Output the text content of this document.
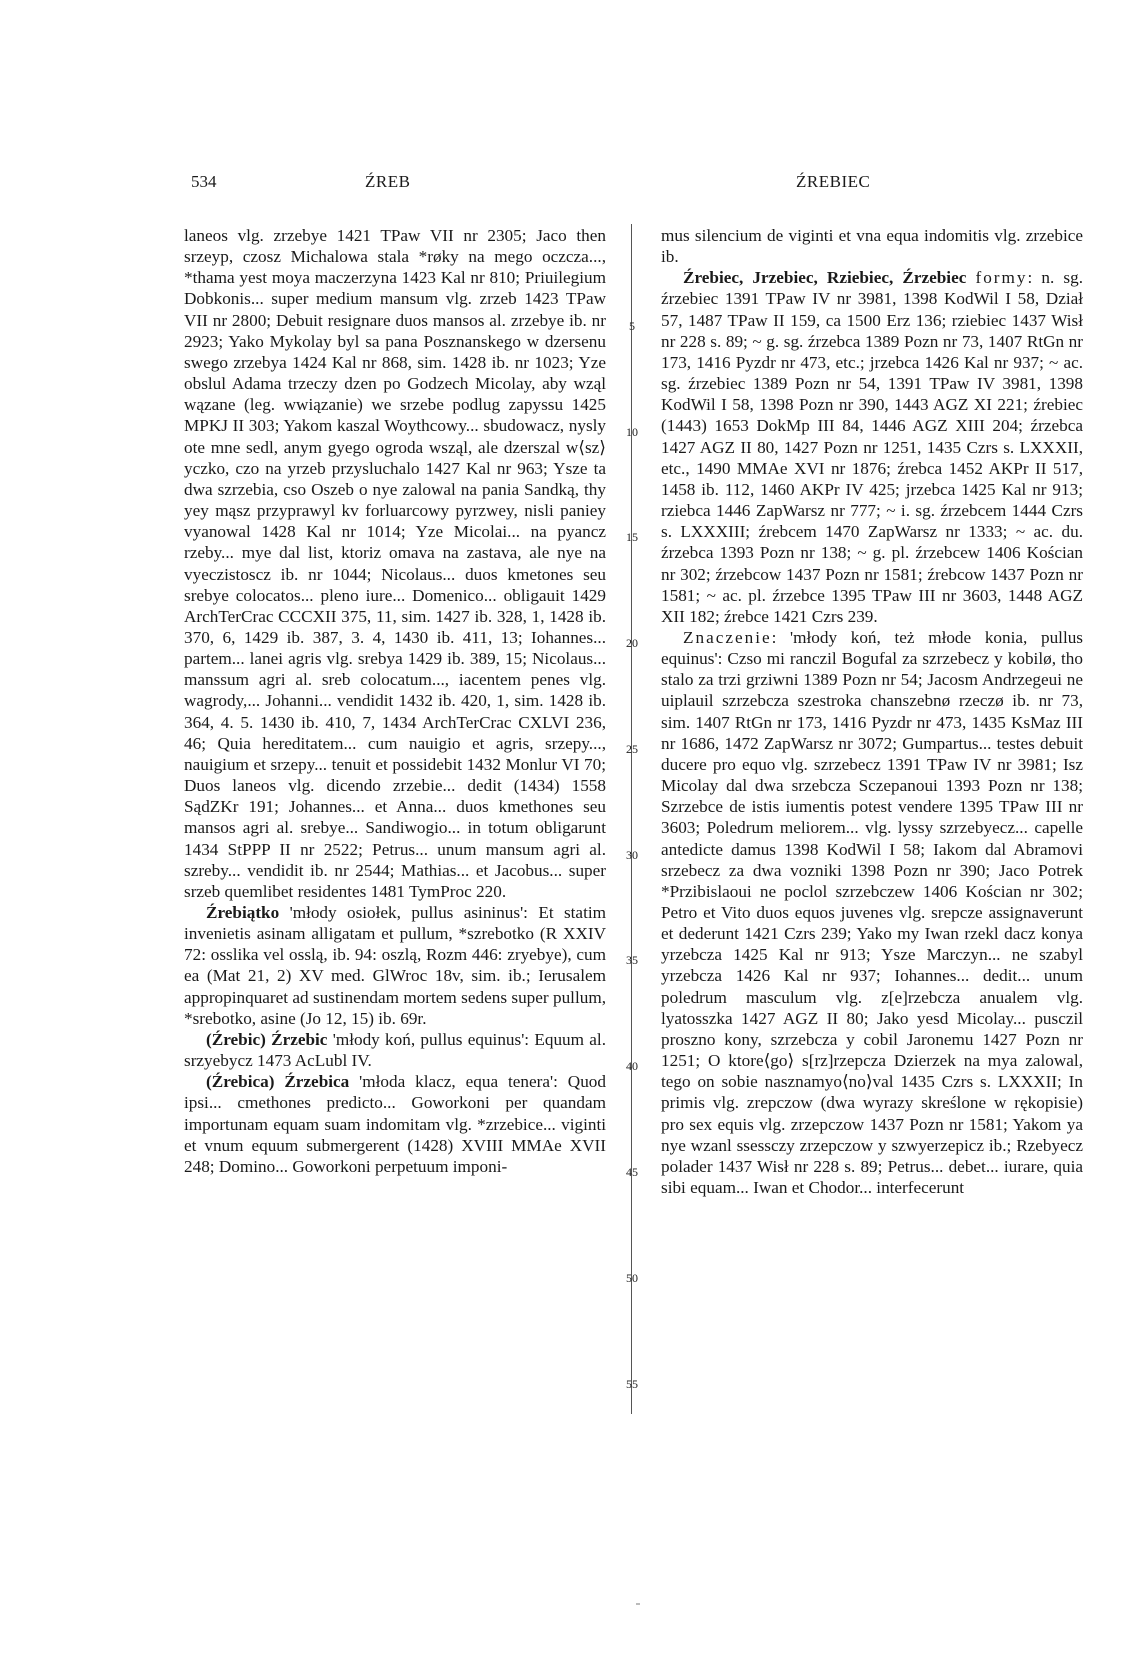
534	ŹREB	ŹREBIEC

laneos vlg. zrzebye 1421 TPaw VII nr 2305; Jaco then srzeyp, czosz Michalowa stala *røky na mego oczcza..., *thama yest moya maczerzyna 1423 Kal nr 810; Priuilegium Dobkonis... super medium mansum vlg. zrzeb 1423 TPaw VII nr 2800; Debuit resignare duos mansos al. zrzebye ib. nr 2923; Yako Mykolay byl sa pana Posznanskego w dzersenu swego zrzebya 1424 Kal nr 868, sim. 1428 ib. nr 1023; Yze obslul Adama trzeczy dzen po Godzech Micolay, aby wząl wązane (leg. wwiązanie) we srzebe podlug zapyssu 1425 MPKJ II 303; Yakom kaszal Woythcowy... sbudowacz, nysly ote mne sedl, anym gyego ogroda wsząl, ale dzerszal w⟨sz⟩yczko, czo na yrzeb przysluchalo 1427 Kal nr 963; Ysze ta dwa szrzebia, cso Oszeb o nye zalowal na pania Sandką, thy yey mąsz przyprawyl kv forluarcowy pyrzwey, nisli paniey vyanowal 1428 Kal nr 1014; Yze Micolai... na pyancz rzeby... mye dal list, ktoriz omava na zastava, ale nye na vyeczistoscz ib. nr 1044; Nicolaus... duos kmetones seu srebye colocatos... pleno iure... Domenico... obligauit 1429 ArchTerCrac CCCXII 375, 11, sim. 1427 ib. 328, 1, 1428 ib. 370, 6, 1429 ib. 387, 3. 4, 1430 ib. 411, 13; Iohannes... partem... lanei agris vlg. srebya 1429 ib. 389, 15; Nicolaus... manssum agri al. sreb colocatum..., iacentem penes vlg. wagrody,... Johanni... vendidit 1432 ib. 420, 1, sim. 1428 ib. 364, 4. 5. 1430 ib. 410, 7, 1434 ArchTerCrac CXLVI 236, 46; Quia hereditatem... cum nauigio et agris, srzepy..., nauigium et srzepy... tenuit et possidebit 1432 Monlur VI 70; Duos laneos vlg. dicendo zrzebie... dedit (1434) 1558 SądZKr 191; Johannes... et Anna... duos kmethones seu mansos agri al. srebye... Sandiwogio... in totum obligarunt 1434 StPPP II nr 2522; Petrus... unum mansum agri al. szreby... vendidit ib. nr 2544; Mathias... et Jacobus... super srzeb quemlibet residentes 1481 TymProc 220.

Źrebiątko 'młody osiołek, pullus asininus': Et statim invenietis asinam alligatam et pullum, *szrebotko (R XXIV 72: osslika vel osslą, ib. 94: oszlą, Rozm 446: zryebye), cum ea (Mat 21, 2) XV med. GlWroc 18v, sim. ib.; Ierusalem appropinquaret ad sustinendam mortem sedens super pullum, *srebotko, asine (Jo 12, 15) ib. 69r.

(Źrebic) Źrzebic 'młody koń, pullus equinus': Equum al. srzyebycz 1473 AcLubl IV.

(Źrebica) Źrzebica 'młoda klacz, equa tenera': Quod ipsi... cmethones predicto... Goworkoni per quandam importunam equam suam indomitam vlg. *zrzebice... viginti et vnum equum submergerent (1428) XVIII MMAe XVII 248; Domino... Goworkoni perpetuum imponi-

5
10
15
20
25
30
35
40
45
50
55

mus silencium de viginti et vna equa indomitis vlg. zrzebice ib.

Źrebiec, Jrzebiec, Rziebiec, Źrzebiec formy: n. sg. źrzebiec 1391 TPaw IV nr 3981, 1398 KodWil I 58, Dział 57, 1487 TPaw II 159, ca 1500 Erz 136; rziebiec 1437 Wisł nr 228 s. 89; ~ g. sg. źrzebca 1389 Pozn nr 73, 1407 RtGn nr 173, 1416 Pyzdr nr 473, etc.; jrzebca 1426 Kal nr 937; ~ ac. sg. źrzebiec 1389 Pozn nr 54, 1391 TPaw IV 3981, 1398 KodWil I 58, 1398 Pozn nr 390, 1443 AGZ XI 221; źrebiec (1443) 1653 DokMp III 84, 1446 AGZ XIII 204; źrzebca 1427 AGZ II 80, 1427 Pozn nr 1251, 1435 Czrs s. LXXXII, etc., 1490 MMAe XVI nr 1876; źrebca 1452 AKPr II 517, 1458 ib. 112, 1460 AKPr IV 425; jrzebca 1425 Kal nr 913; rziebca 1446 ZapWarsz nr 777; ~ i. sg. źrzebcem 1444 Czrs s. LXXXIII; źrebcem 1470 ZapWarsz nr 1333; ~ ac. du. źrzebca 1393 Pozn nr 138; ~ g. pl. źrzebcew 1406 Kościan nr 302; źrzebcow 1437 Pozn nr 1581; źrebcow 1437 Pozn nr 1581; ~ ac. pl. źrzebce 1395 TPaw III nr 3603, 1448 AGZ XII 182; źrebce 1421 Czrs 239.

Znaczenie: 'młody koń, też młode konia, pullus equinus': Czso mi ranczil Bogufal za szrzebecz y kobilø, tho stalo za trzi grziwni 1389 Pozn nr 54; Jacosm Andrzegeui ne uiplauil szrzebcza szestroka chanszebnø rzeczø ib. nr 73, sim. 1407 RtGn nr 173, 1416 Pyzdr nr 473, 1435 KsMaz III nr 1686, 1472 ZapWarsz nr 3072; Gumpartus... testes debuit ducere pro equo vlg. szrzebecz 1391 TPaw IV nr 3981; Isz Micolay dal dwa srzebcza Sczepanoui 1393 Pozn nr 138; Szrzebce de istis iumentis potest vendere 1395 TPaw III nr 3603; Poledrum meliorem... vlg. lyssy szrzebyecz... capelle antedicte damus 1398 KodWil I 58; Iakom dal Abramovi srzebecz za dwa vozniki 1398 Pozn nr 390; Jaco Potrek *Przibislaoui ne poclol szrzebczew 1406 Kościan nr 302; Petro et Vito duos equos juvenes vlg. srepcze assignaverunt et dederunt 1421 Czrs 239; Yako my Iwan rzekl dacz konya yrzebcza 1425 Kal nr 913; Ysze Marczyn... ne szabyl yrzebcza 1426 Kal nr 937; Iohannes... dedit... unum poledrum masculum vlg. z[e]rzebcza anualem vlg. lyatosszka 1427 AGZ II 80; Jako yesd Micolay... pusczil proszno kony, szrzebcza y cobil Jaronemu 1427 Pozn nr 1251; O ktore⟨go⟩ s[rz]rzepcza Dzierzek na mya zalowal, tego on sobie nasznamyo⟨no⟩val 1435 Czrs s. LXXXII; In primis vlg. zrepczow (dwa wyrazy skreślone w rękopisie) pro sex equis vlg. zrzepczow 1437 Pozn nr 1581; Yakom ya nye wzanl ssessczy zrzepczow y szwyerzepicz ib.; Rzebyecz polader 1437 Wisł nr 228 s. 89; Petrus... debet... iurare, quia sibi equam... Iwan et Chodor... interfecerunt
